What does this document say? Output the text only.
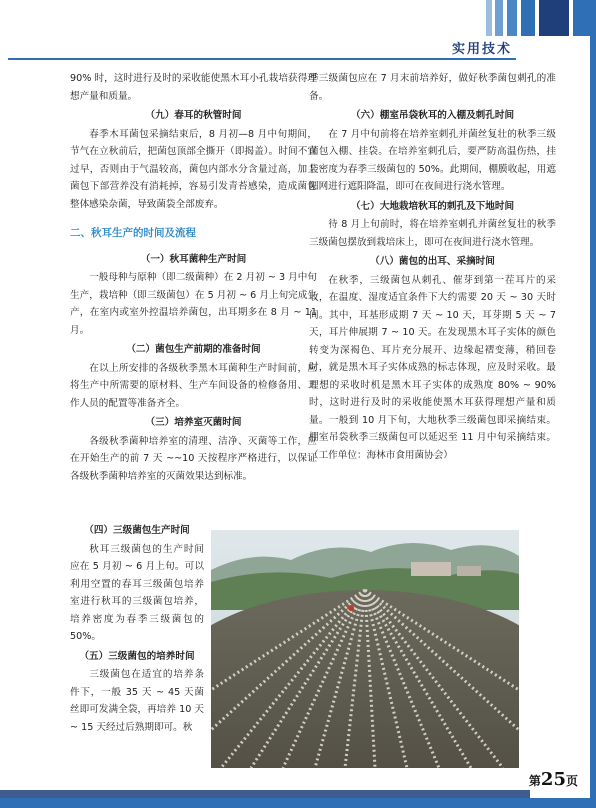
实用技术

90% 时，这时进行及时的采收能使黑木耳小孔栽培获得理想产量和质量。

（九）春耳的秋管时间

春季木耳菌包采摘结束后，8 月初—8 月中旬期间，节气在立秋前后，把菌包顶部全撕开（即揭盖）。时间不宜过早，否则由于气温较高，菌包内部水分含量过高，加上菌包下部营养没有消耗掉，容易引发青苔感染，造成菌包整体感染杂菌，导致菌袋全部废弃。

二、秋耳生产的时间及流程
（一）秋耳菌种生产时间

一般母种与原种（即二级菌种）在 2 月初 ~ 3 月中旬生产，栽培种（即三级菌包）在 5 月初 ~ 6 月上旬完成生产，在室内或室外控温培养菌包，出耳期多在 8 月 ~ 11 月。

（二）菌包生产前期的准备时间

在以上所安排的各级秋季黑木耳菌种生产时间前，应将生产中所需要的原材料、生产车间设备的检修备用、工作人员的配置等准备齐全。

（三）培养室灭菌时间

各级秋季菌种培养室的清理、洁净、灭菌等工作，应在开始生产的前 7 天 ~~10 天按程序严格进行，以保证各级秋季菌种培养室的灭菌效果达到标准。

（四）三级菌包生产时间

秋耳三级菌包的生产时间应在 5 月初 ~ 6 月上旬。可以利用空置的春耳三级菌包培养室进行秋耳的三级菌包培养，培养密度为春季三级菌包的 50%。

（五）三级菌包的培养时间

三级菌包在适宜的培养条件下，一般 35 天 ~ 45 天菌丝即可发满全袋，再培养 10 天 ~ 15 天经过后熟期即可。秋

季三级菌包应在 7 月末前培养好，做好秋季菌包刺孔的准备。

（六）棚室吊袋秋耳的入棚及刺孔时间

在 7 月中旬前将在培养室刺孔并菌丝复壮的秋季三级菌包入棚、挂袋。在培养室刺孔后，要严防高温伤热，挂袋密度为春季三级菌包的 50%。此期间，棚膜收起，用遮阳网进行遮阳降温，即可在夜间进行浇水管理。

（七）大地栽培秋耳的刺孔及下地时间

待 8 月上旬前时，将在培养室刺孔并菌丝复壮的秋季三级菌包摆放到栽培床上，即可在夜间进行浇水管理。

（八）菌包的出耳、采摘时间

在秋季，三级菌包从刺孔、催芽到第一茬耳片的采收，在温度、湿度适宜条件下大约需要 20 天 ~ 30 天时间。其中，耳基形成期 7 天 ~ 10 天，耳芽期 5 天 ~ 7 天，耳片伸展期 7 ~ 10 天。在发现黑木耳子实体的颜色转变为深褐色、耳片充分展开、边缘起褶变薄，稍回卷时，就是黑木耳子实体成熟的标志体现，应及时采收。最理想的采收时机是黑木耳子实体的成熟度 80% ~ 90% 时，这时进行及时的采收能使黑木耳获得理想产量和质量。一般到 10 月下旬，大地秋季三级菌包即采摘结束。棚室吊袋秋季三级菌包可以延迟至 11 月中旬采摘结束。（工作单位：海林市食用菌协会）

第25页
